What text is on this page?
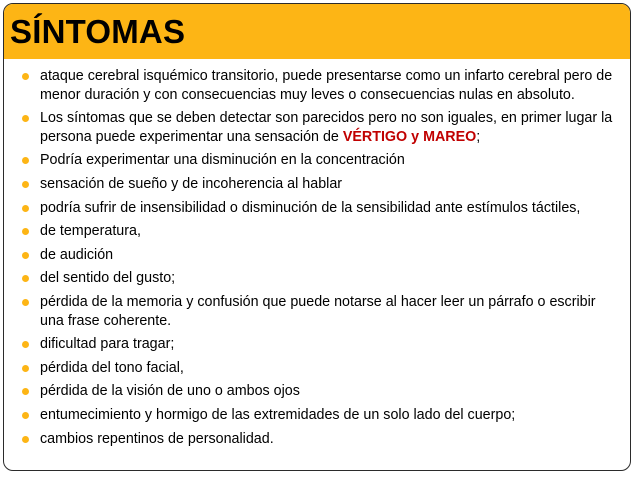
SÍNTOMAS
ataque cerebral isquémico transitorio, puede presentarse como un infarto cerebral pero de menor duración y con consecuencias muy leves o consecuencias nulas en absoluto.
Los síntomas que se deben detectar son parecidos pero no son iguales, en primer lugar la persona puede experimentar una sensación de VÉRTIGO y MAREO;
Podría experimentar una disminución en la concentración
sensación de sueño y de incoherencia al hablar
podría sufrir de insensibilidad o disminución de la sensibilidad ante estímulos táctiles,
de temperatura,
de audición
del sentido del gusto;
pérdida de la memoria y confusión que puede notarse al hacer leer un párrafo o escribir una frase coherente.
dificultad para tragar;
pérdida del tono facial,
pérdida de la visión de uno o ambos ojos
entumecimiento y hormigo de las extremidades de un solo lado del cuerpo;
cambios repentinos de personalidad.
